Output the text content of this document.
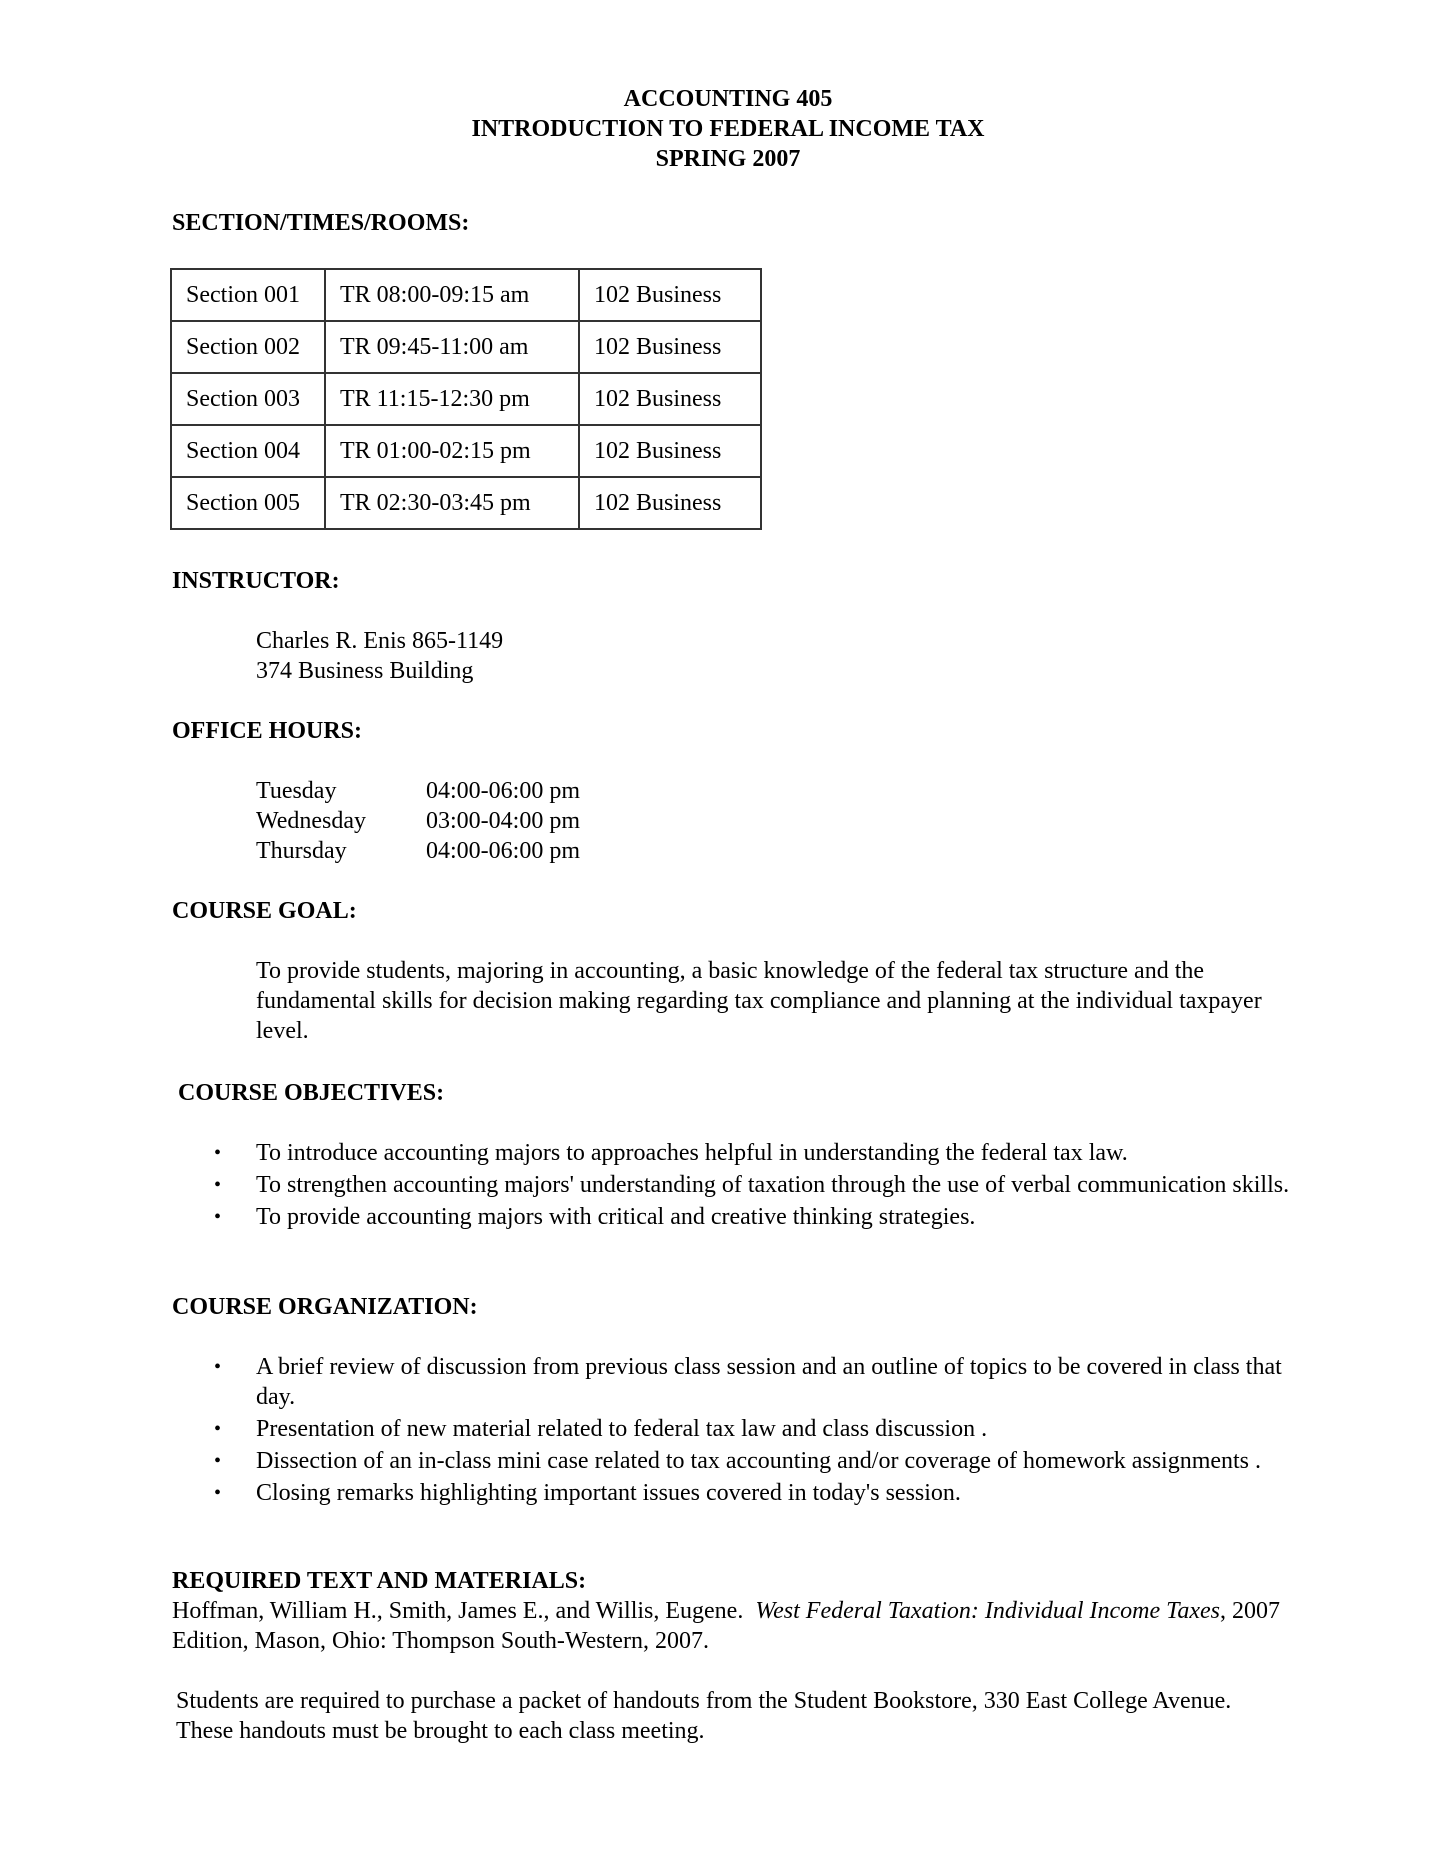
ACCOUNTING 405
INTRODUCTION TO FEDERAL INCOME TAX
SPRING 2007
SECTION/TIMES/ROOMS:
Section 001	TR 08:00-09:15 am	102 Business
Section 002	TR 09:45-11:00 am	102 Business
Section 003	TR 11:15-12:30 pm	102 Business
Section 004	TR 01:00-02:15 pm	102 Business
Section 005	TR 02:30-03:45 pm	102 Business
INSTRUCTOR:
Charles R. Enis 865-1149
374 Business Building
OFFICE HOURS:
Tuesday	04:00-06:00 pm
Wednesday	03:00-04:00 pm
Thursday	04:00-06:00 pm
COURSE GOAL:
To provide students, majoring in accounting, a basic knowledge of the federal tax structure and the fundamental skills for decision making regarding tax compliance and planning at the individual taxpayer level.
COURSE OBJECTIVES:
• To introduce accounting majors to approaches helpful in understanding the federal tax law.
• To strengthen accounting majors' understanding of taxation through the use of verbal communication skills.
• To provide accounting majors with critical and creative thinking strategies.
COURSE ORGANIZATION:
• A brief review of discussion from previous class session and an outline of topics to be covered in class that day.
• Presentation of new material related to federal tax law and class discussion .
• Dissection of an in-class mini case related to tax accounting and/or coverage of homework assignments .
• Closing remarks highlighting important issues covered in today's session.
REQUIRED TEXT AND MATERIALS:
Hoffman, William H., Smith, James E., and Willis, Eugene. West Federal Taxation: Individual Income Taxes, 2007 Edition, Mason, Ohio: Thompson South-Western, 2007.
Students are required to purchase a packet of handouts from the Student Bookstore, 330 East College Avenue. These handouts must be brought to each class meeting.
